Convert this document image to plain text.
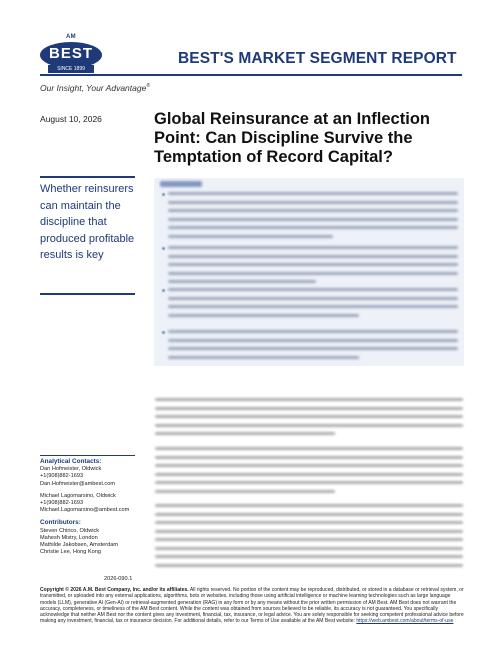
AM
BEST
SINCE 1899
BEST'S MARKET SEGMENT REPORT
Our Insight, Your Advantage®
August 10, 2026	Global Reinsurance at an Inflection Point: Can Discipline Survive the Temptation of Record Capital?

Whether reinsurers can maintain the discipline that produced profitable results is key

Analytical Contacts:
Dan Hofmeister, Oldwick
+1(908)882-1693
Dan.Hofmeister@ambest.com
Michael Lagomarsino, Oldwick
+1(908)882-1693
Michael.Lagomarsino@ambest.com
Contributors:
Steven Chirico, Oldwick
Mahesh Mistry, London
Mathilde Jakobsen, Amsterdam
Christie Lee, Hong Kong
2026-090.1

Copyright © 2026 A.M. Best Company, Inc. and/or its affiliates. All rights reserved. No portion of the content may be reproduced, distributed, or stored in a database or retrieval system, or transmitted, or uploaded into any external applications, algorithms, bots or websites, including those using artificial intelligence or machine learning technologies such as large language models (LLM), generative AI (Gen-AI) or retrieval-augmented generation (RAG) in any form or by any means without the prior written permission of AM Best. AM Best does not warrant the accuracy, completeness, or timeliness of the AM Best content. While the content was obtained from sources believed to be reliable, its accuracy is not guaranteed. You specifically acknowledge that neither AM Best nor the content gives any investment, financial, tax, insurance, or legal advice. You are solely responsible for seeking competent professional advice before making any investment, financial, tax or insurance decision. For additional details, refer to our Terms of Use available at the AM Best website: https://web.ambest.com/about/terms-of-use
